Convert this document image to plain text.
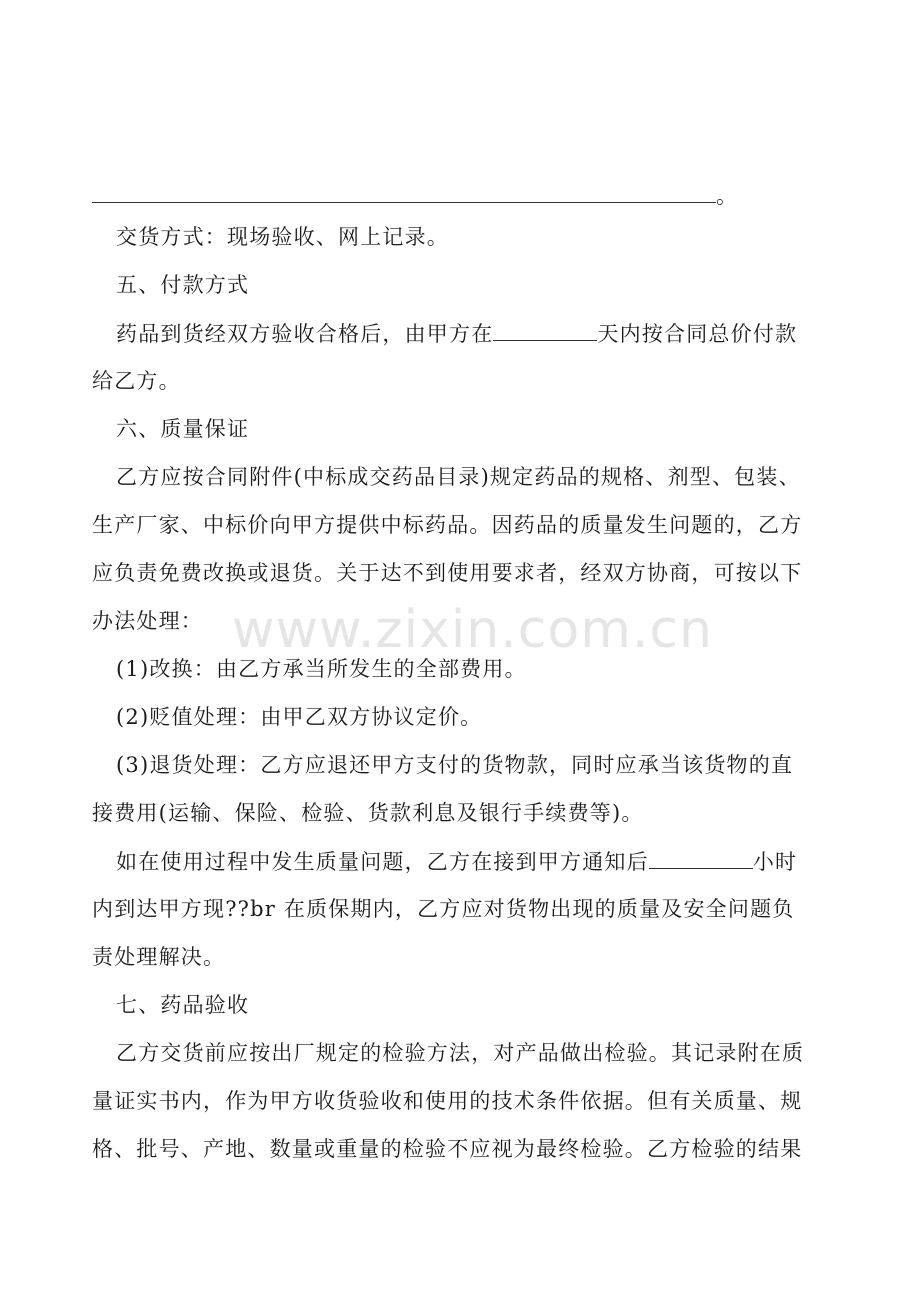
。
交货方式：现场验收、网上记录。
五、付款方式
药品到货经双方验收合格后，由甲方在	天内按合同总价付款
给乙方。
六、质量保证
乙方应按合同附件(中标成交药品目录)规定药品的规格、剂型、包装、
生产厂家、中标价向甲方提供中标药品。因药品的质量发生问题的，乙方
应负责免费改换或退货。关于达不到使用要求者，经双方协商，可按以下
办法处理：
(1)改换：由乙方承当所发生的全部费用。
(2)贬值处理：由甲乙双方协议定价。
(3)退货处理：乙方应退还甲方支付的货物款，同时应承当该货物的直
接费用(运输、保险、检验、货款利息及银行手续费等)。
如在使用过程中发生质量问题，乙方在接到甲方通知后	小时
内到达甲方现??br 在质保期内，乙方应对货物出现的质量及安全问题负
责处理解决。
七、药品验收
乙方交货前应按出厂规定的检验方法，对产品做出检验。其记录附在质
量证实书内，作为甲方收货验收和使用的技术条件依据。但有关质量、规
格、批号、产地、数量或重量的检验不应视为最终检验。乙方检验的结果
www.zixin.com.cn
